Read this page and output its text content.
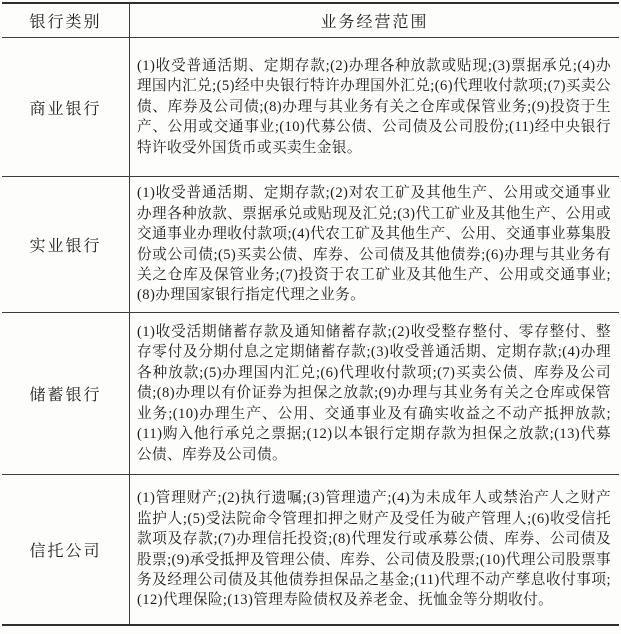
银行类别	业务经营范围
商业银行
(1)收受普通活期、定期存款;(2)办理各种放款或贴现;(3)票据承兑;(4)办理国内汇兑;(5)经中央银行特许办理国外汇兑;(6)代理收付款项;(7)买卖公债、库券及公司债;(8)办理与其业务有关之仓库或保管业务;(9)投资于生产、公用或交通事业;(10)代募公债、公司债及公司股份;(11)经中央银行特许收受外国货币或买卖生金银。
实业银行
(1)收受普通活期、定期存款;(2)对农工矿及其他生产、公用或交通事业办理各种放款、票据承兑或贴现及汇兑;(3)代工矿业及其他生产、公用或交通事业办理收付款项;(4)代农工矿及其他生产、公用、交通事业募集股份或公司债;(5)买卖公债、库券、公司债及其他债券;(6)办理与其业务有关之仓库及保管业务;(7)投资于农工矿业及其他生产、公用或交通事业;(8)办理国家银行指定代理之业务。
储蓄银行
(1)收受活期储蓄存款及通知储蓄存款;(2)收受整存整付、零存整付、整存零付及分期付息之定期储蓄存款;(3)收受普通活期、定期存款;(4)办理各种放款;(5)办理国内汇兑;(6)代理收付款项;(7)买卖公债、库券及公司债;(8)办理以有价证券为担保之放款;(9)办理与其业务有关之仓库或保管业务;(10)办理生产、公用、交通事业及有确实收益之不动产抵押放款;(11)购入他行承兑之票据;(12)以本银行定期存款为担保之放款;(13)代募公债、库券及公司债。
信托公司
(1)管理财产;(2)执行遗嘱;(3)管理遗产;(4)为未成年人或禁治产人之财产监护人;(5)受法院命令管理扣押之财产及受任为破产管理人;(6)收受信托款项及存款;(7)办理信托投资;(8)代理发行或承募公债、库券、公司债及股票;(9)承受抵押及管理公债、库券、公司债及股票;(10)代理公司股票事务及经理公司债及其他债券担保品之基金;(11)代理不动产孳息收付事项;(12)代理保险;(13)管理寿险债权及养老金、抚恤金等分期收付。
